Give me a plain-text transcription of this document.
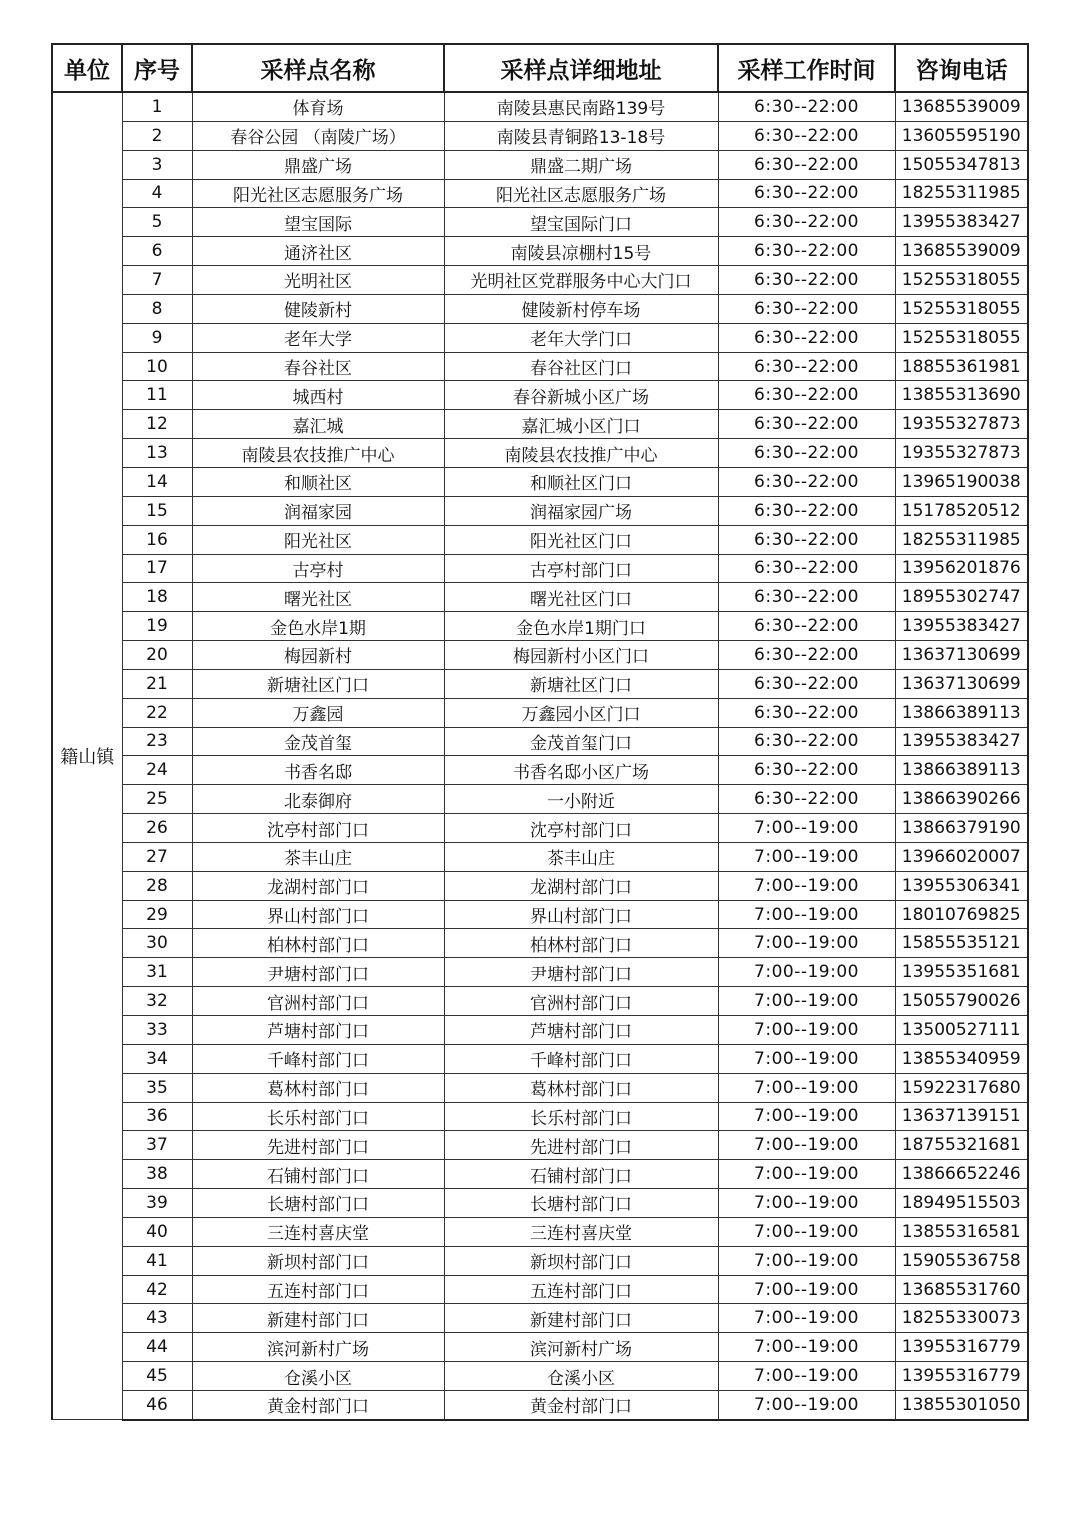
单位	序号	采样点名称	采样点详细地址	采样工作时间	咨询电话
籍山镇	1	体育场	南陵县惠民南路139号	6:30--22:00	13685539009
	2	春谷公园 （南陵广场）	南陵县青铜路13-18号	6:30--22:00	13605595190
	3	鼎盛广场	鼎盛二期广场	6:30--22:00	15055347813
	4	阳光社区志愿服务广场	阳光社区志愿服务广场	6:30--22:00	18255311985
	5	望宝国际	望宝国际门口	6:30--22:00	13955383427
	6	通济社区	南陵县凉棚村15号	6:30--22:00	13685539009
	7	光明社区	光明社区党群服务中心大门口	6:30--22:00	15255318055
	8	健陵新村	健陵新村停车场	6:30--22:00	15255318055
	9	老年大学	老年大学门口	6:30--22:00	15255318055
	10	春谷社区	春谷社区门口	6:30--22:00	18855361981
	11	城西村	春谷新城小区广场	6:30--22:00	13855313690
	12	嘉汇城	嘉汇城小区门口	6:30--22:00	19355327873
	13	南陵县农技推广中心	南陵县农技推广中心	6:30--22:00	19355327873
	14	和顺社区	和顺社区门口	6:30--22:00	13965190038
	15	润福家园	润福家园广场	6:30--22:00	15178520512
	16	阳光社区	阳光社区门口	6:30--22:00	18255311985
	17	古亭村	古亭村部门口	6:30--22:00	13956201876
	18	曙光社区	曙光社区门口	6:30--22:00	18955302747
	19	金色水岸1期	金色水岸1期门口	6:30--22:00	13955383427
	20	梅园新村	梅园新村小区门口	6:30--22:00	13637130699
	21	新塘社区门口	新塘社区门口	6:30--22:00	13637130699
	22	万鑫园	万鑫园小区门口	6:30--22:00	13866389113
	23	金茂首玺	金茂首玺门口	6:30--22:00	13955383427
	24	书香名邸	书香名邸小区广场	6:30--22:00	13866389113
	25	北泰御府	一小附近	6:30--22:00	13866390266
	26	沈亭村部门口	沈亭村部门口	7:00--19:00	13866379190
	27	茶丰山庄	茶丰山庄	7:00--19:00	13966020007
	28	龙湖村部门口	龙湖村部门口	7:00--19:00	13955306341
	29	界山村部门口	界山村部门口	7:00--19:00	18010769825
	30	柏林村部门口	柏林村部门口	7:00--19:00	15855535121
	31	尹塘村部门口	尹塘村部门口	7:00--19:00	13955351681
	32	官洲村部门口	官洲村部门口	7:00--19:00	15055790026
	33	芦塘村部门口	芦塘村部门口	7:00--19:00	13500527111
	34	千峰村部门口	千峰村部门口	7:00--19:00	13855340959
	35	葛林村部门口	葛林村部门口	7:00--19:00	15922317680
	36	长乐村部门口	长乐村部门口	7:00--19:00	13637139151
	37	先进村部门口	先进村部门口	7:00--19:00	18755321681
	38	石铺村部门口	石铺村部门口	7:00--19:00	13866652246
	39	长塘村部门口	长塘村部门口	7:00--19:00	18949515503
	40	三连村喜庆堂	三连村喜庆堂	7:00--19:00	13855316581
	41	新坝村部门口	新坝村部门口	7:00--19:00	15905536758
	42	五连村部门口	五连村部门口	7:00--19:00	13685531760
	43	新建村部门口	新建村部门口	7:00--19:00	18255330073
	44	滨河新村广场	滨河新村广场	7:00--19:00	13955316779
	45	仓溪小区	仓溪小区	7:00--19:00	13955316779
	46	黄金村部门口	黄金村部门口	7:00--19:00	13855301050
